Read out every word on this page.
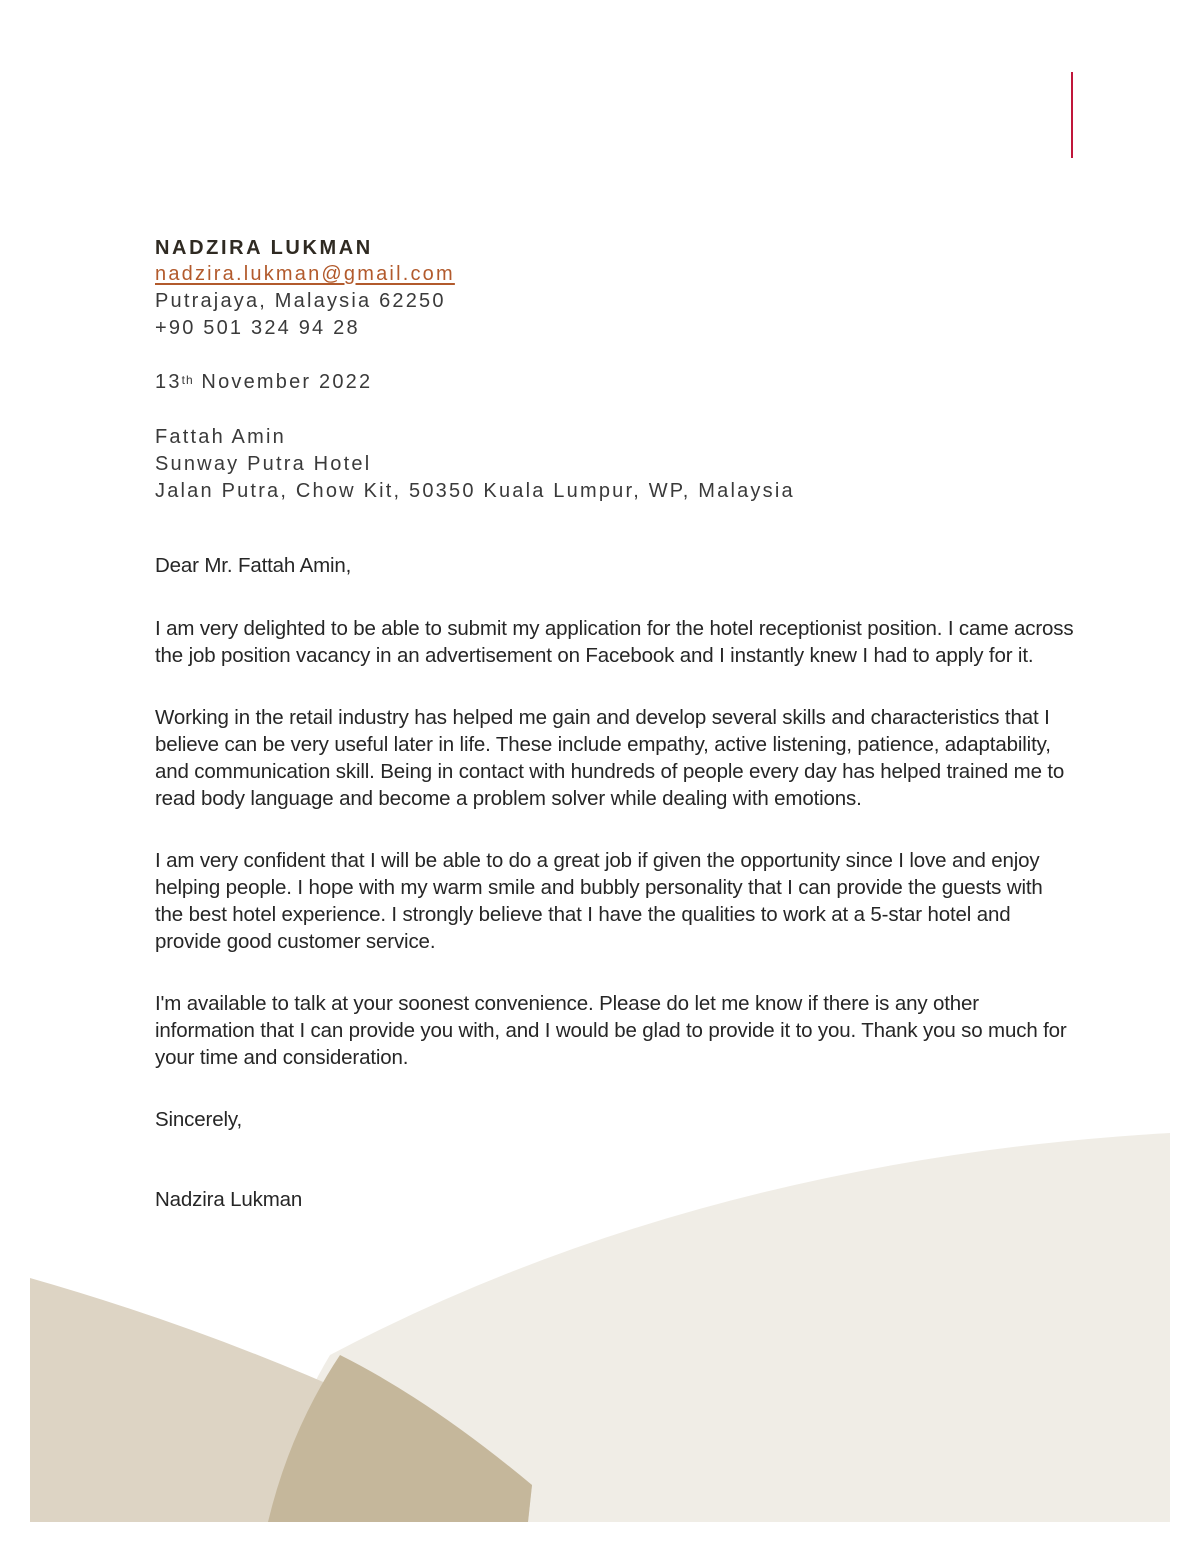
NADZIRA LUKMAN
nadzira.lukman@gmail.com
Putrajaya, Malaysia 62250
+90 501 324 94 28
13th November 2022
Fattah Amin
Sunway Putra Hotel
Jalan Putra, Chow Kit, 50350 Kuala Lumpur, WP, Malaysia

Dear Mr. Fattah Amin,

I am very delighted to be able to submit my application for the hotel receptionist position. I came across the job position vacancy in an advertisement on Facebook and I instantly knew I had to apply for it.

Working in the retail industry has helped me gain and develop several skills and characteristics that I believe can be very useful later in life. These include empathy, active listening, patience, adaptability, and communication skill. Being in contact with hundreds of people every day has helped trained me to read body language and become a problem solver while dealing with emotions.

I am very confident that I will be able to do a great job if given the opportunity since I love and enjoy helping people. I hope with my warm smile and bubbly personality that I can provide the guests with the best hotel experience. I strongly believe that I have the qualities to work at a 5-star hotel and provide good customer service.

I'm available to talk at your soonest convenience. Please do let me know if there is any other information that I can provide you with, and I would be glad to provide it to you. Thank you so much for your time and consideration.

Sincerely,

Nadzira Lukman
